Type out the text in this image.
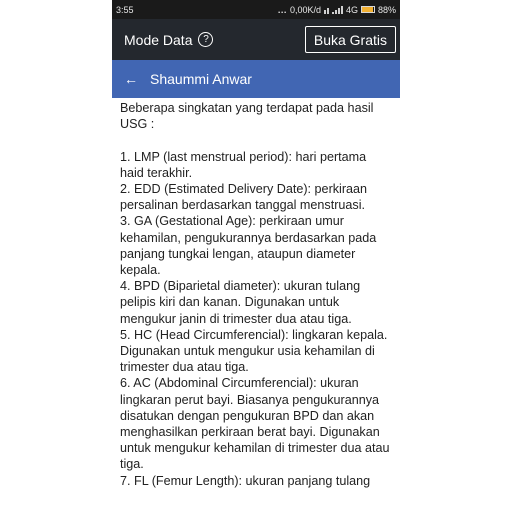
3:55	... 0,00K/d	4G 88%
Mode Data	?	Buka Gratis
← Shaummi Anwar

Beberapa singkatan yang terdapat pada hasil USG :

1. LMP (last menstrual period): hari pertama haid terakhir.

2. EDD (Estimated Delivery Date): perkiraan persalinan berdasarkan tanggal menstruasi.

3. GA (Gestational Age): perkiraan umur kehamilan, pengukurannya berdasarkan pada panjang tungkai lengan, ataupun diameter kepala.

4. BPD (Biparietal diameter): ukuran tulang pelipis kiri dan kanan. Digunakan untuk mengukur janin di trimester dua atau tiga.

5. HC (Head Circumferencial): lingkaran kepala. Digunakan untuk mengukur usia kehamilan di trimester dua atau tiga.

6. AC (Abdominal Circumferencial): ukuran lingkaran perut bayi. Biasanya pengukurannya disatukan dengan pengukuran BPD dan akan menghasilkan perkiraan berat bayi. Digunakan untuk mengukur kehamilan di trimester dua atau tiga.

7. FL (Femur Length): ukuran panjang tulang
